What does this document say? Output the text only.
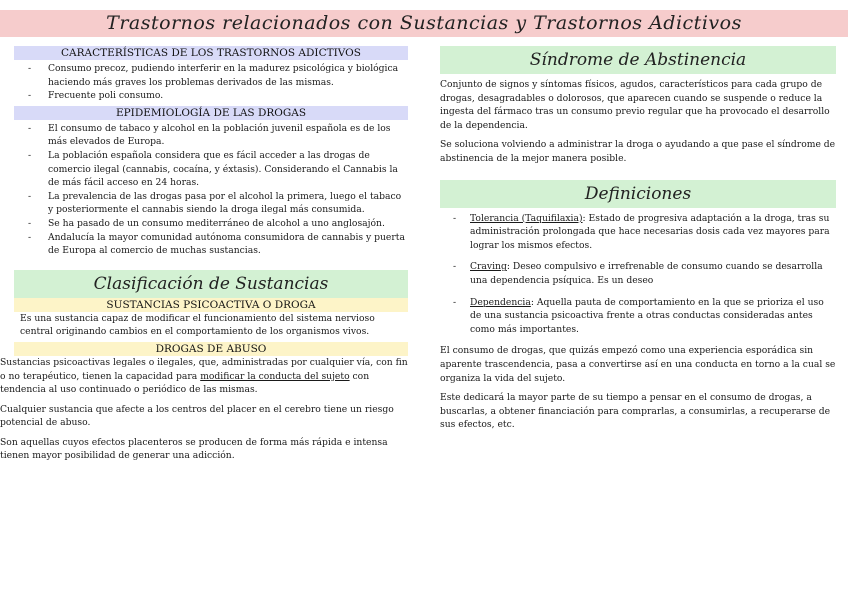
Trastornos relacionados con Sustancias y Trastornos Adictivos
CARACTERÍSTICAS DE LOS TRASTORNOS ADICTIVOS
- Consumo precoz, pudiendo interferir en la madurez psicológica y biológica haciendo más graves los problemas derivados de las mismas.
- Frecuente poli consumo.
EPIDEMIOLOGÍA DE LAS DROGAS
- El consumo de tabaco y alcohol en la población juvenil española es de los más elevados de Europa.
- La población española considera que es fácil acceder a las drogas de comercio ilegal (cannabis, cocaína, y éxtasis). Considerando el Cannabis la de más fácil acceso en 24 horas.
- La prevalencia de las drogas pasa por el alcohol la primera, luego el tabaco y posteriormente el cannabis siendo la droga ilegal más consumida.
- Se ha pasado de un consumo mediterráneo de alcohol a uno anglosajón.
- Andalucía la mayor comunidad autónoma consumidora de cannabis y puerta de Europa al comercio de muchas sustancias.
Clasificación de Sustancias
SUSTANCIAS PSICOACTIVA O DROGA

Es una sustancia capaz de modificar el funcionamiento del sistema nervioso central originando cambios en el comportamiento de los organismos vivos.

DROGAS DE ABUSO

Sustancias psicoactivas legales o ilegales, que, administradas por cualquier vía, con fin o no terapéutico, tienen la capacidad para modificar la conducta del sujeto con tendencia al uso continuado o periódico de las mismas.

Cualquier sustancia que afecte a los centros del placer en el cerebro tiene un riesgo potencial de abuso.

Son aquellas cuyos efectos placenteros se producen de forma más rápida e intensa tienen mayor posibilidad de generar una adicción.

Síndrome de Abstinencia

Conjunto de signos y síntomas físicos, agudos, característicos para cada grupo de drogas, desagradables o dolorosos, que aparecen cuando se suspende o reduce la ingesta del fármaco tras un consumo previo regular que ha provocado el desarrollo de la dependencia.

Se soluciona volviendo a administrar la droga o ayudando a que pase el síndrome de abstinencia de la mejor manera posible.

Definiciones
- Tolerancia (Taquifilaxia): Estado de progresiva adaptación a la droga, tras su administración prolongada que hace necesarias dosis cada vez mayores para lograr los mismos efectos.
- Craving: Deseo compulsivo e irrefrenable de consumo cuando se desarrolla una dependencia psíquica. Es un deseo
- Dependencia: Aquella pauta de comportamiento en la que se prioriza el uso de una sustancia psicoactiva frente a otras conductas consideradas antes como más importantes.

El consumo de drogas, que quizás empezó como una experiencia esporádica sin aparente trascendencia, pasa a convertirse así en una conducta en torno a la cual se organiza la vida del sujeto.

Este dedicará la mayor parte de su tiempo a pensar en el consumo de drogas, a buscarlas, a obtener financiación para comprarlas, a consumirlas, a recuperarse de sus efectos, etc.
